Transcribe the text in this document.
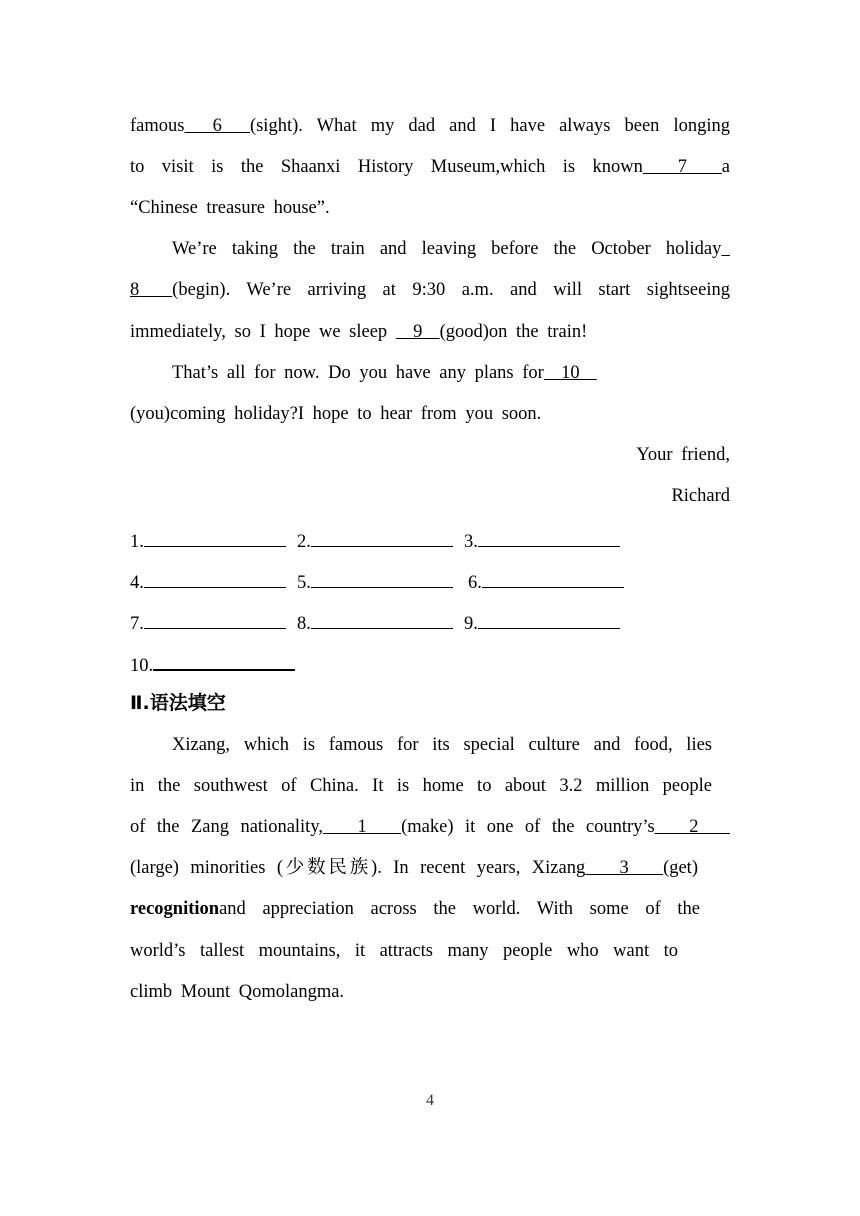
famous 6 (sight). What my dad and I have always been longing
to visit is the Shaanxi History Museum,which is known 7 a
“Chinese treasure house”.
We’re taking the train and leaving before the October holiday
8 (begin). We’re arriving at 9:30 a.m. and will start sightseeing
immediately, so I hope we sleep 9 (good)on the train!
That’s all for now. Do you have any plans for 10
(you)coming holiday?I hope to hear from you soon.
Your friend,
Richard
1.	2.	3.
4.	5.	6.
7.	8.	9.
10.
Ⅱ.语法填空
Xizang, which is famous for its special culture and food, lies
in the southwest of China. It is home to about 3.2 million people
of the Zang nationality, 1 (make) it one of the country’s 2
(large) minorities (少数民族). In recent years, Xizang 3 (get)
recognitionand appreciation across the world. With some of the
world’s tallest mountains, it attracts many people who want to
climb Mount Qomolangma.
4
